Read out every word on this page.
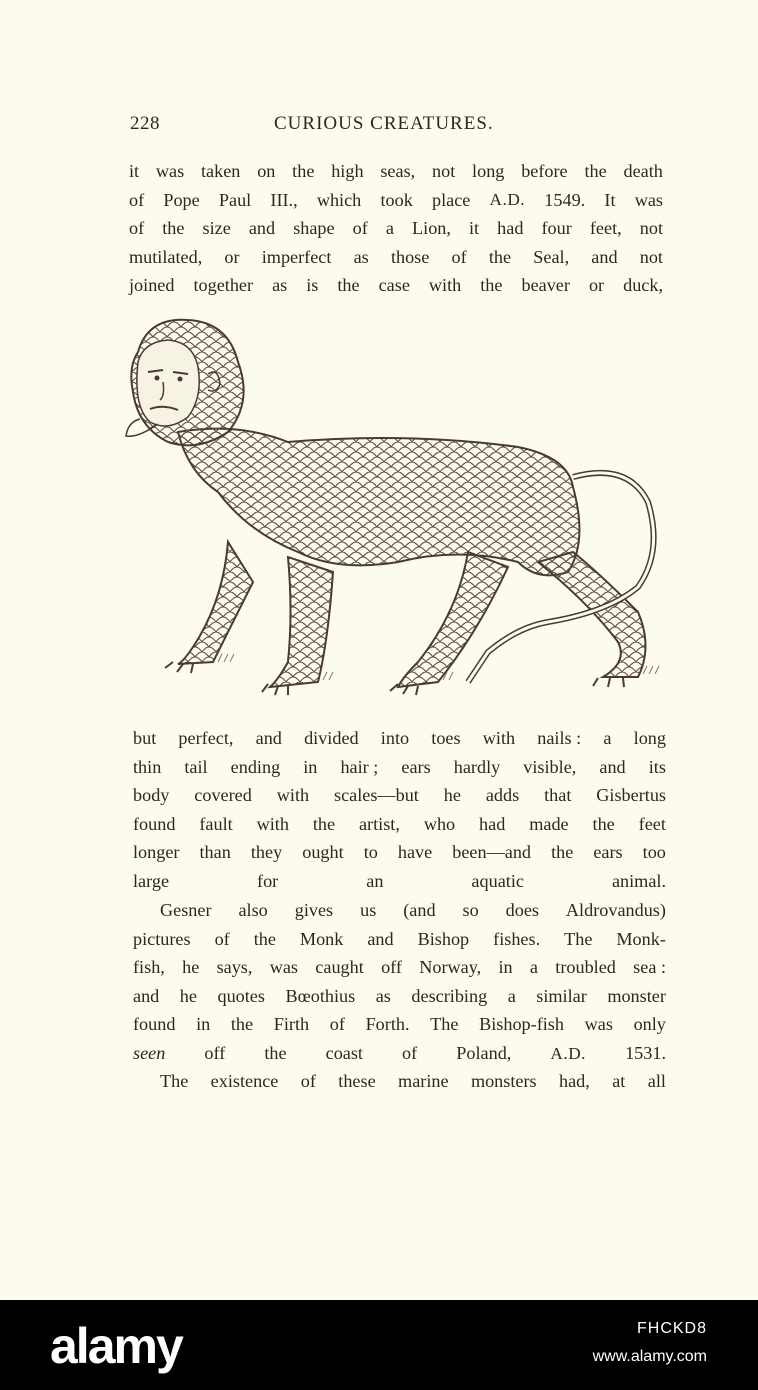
228	CURIOUS CREATURES.
it was taken on the high seas, not long before the death
of Pope Paul III., which took place A.D. 1549. It was
of the size and shape of a Lion, it had four feet, not
mutilated, or imperfect as those of the Seal, and not
joined together as is the case with the beaver or duck,
but perfect, and divided into toes with nails : a long
thin tail ending in hair ; ears hardly visible, and its
body covered with scales—but he adds that Gisbertus
found fault with the artist, who had made the feet
longer than they ought to have been—and the ears too
large for an aquatic animal.
Gesner also gives us (and so does Aldrovandus)
pictures of the Monk and Bishop fishes. The Monk-
fish, he says, was caught off Norway, in a troubled sea :
and he quotes Bœothius as describing a similar monster
found in the Firth of Forth. The Bishop-fish was only
seen off the coast of Poland, A.D. 1531.
The existence of these marine monsters had, at all
alamy	FHCKD8
www.alamy.com
